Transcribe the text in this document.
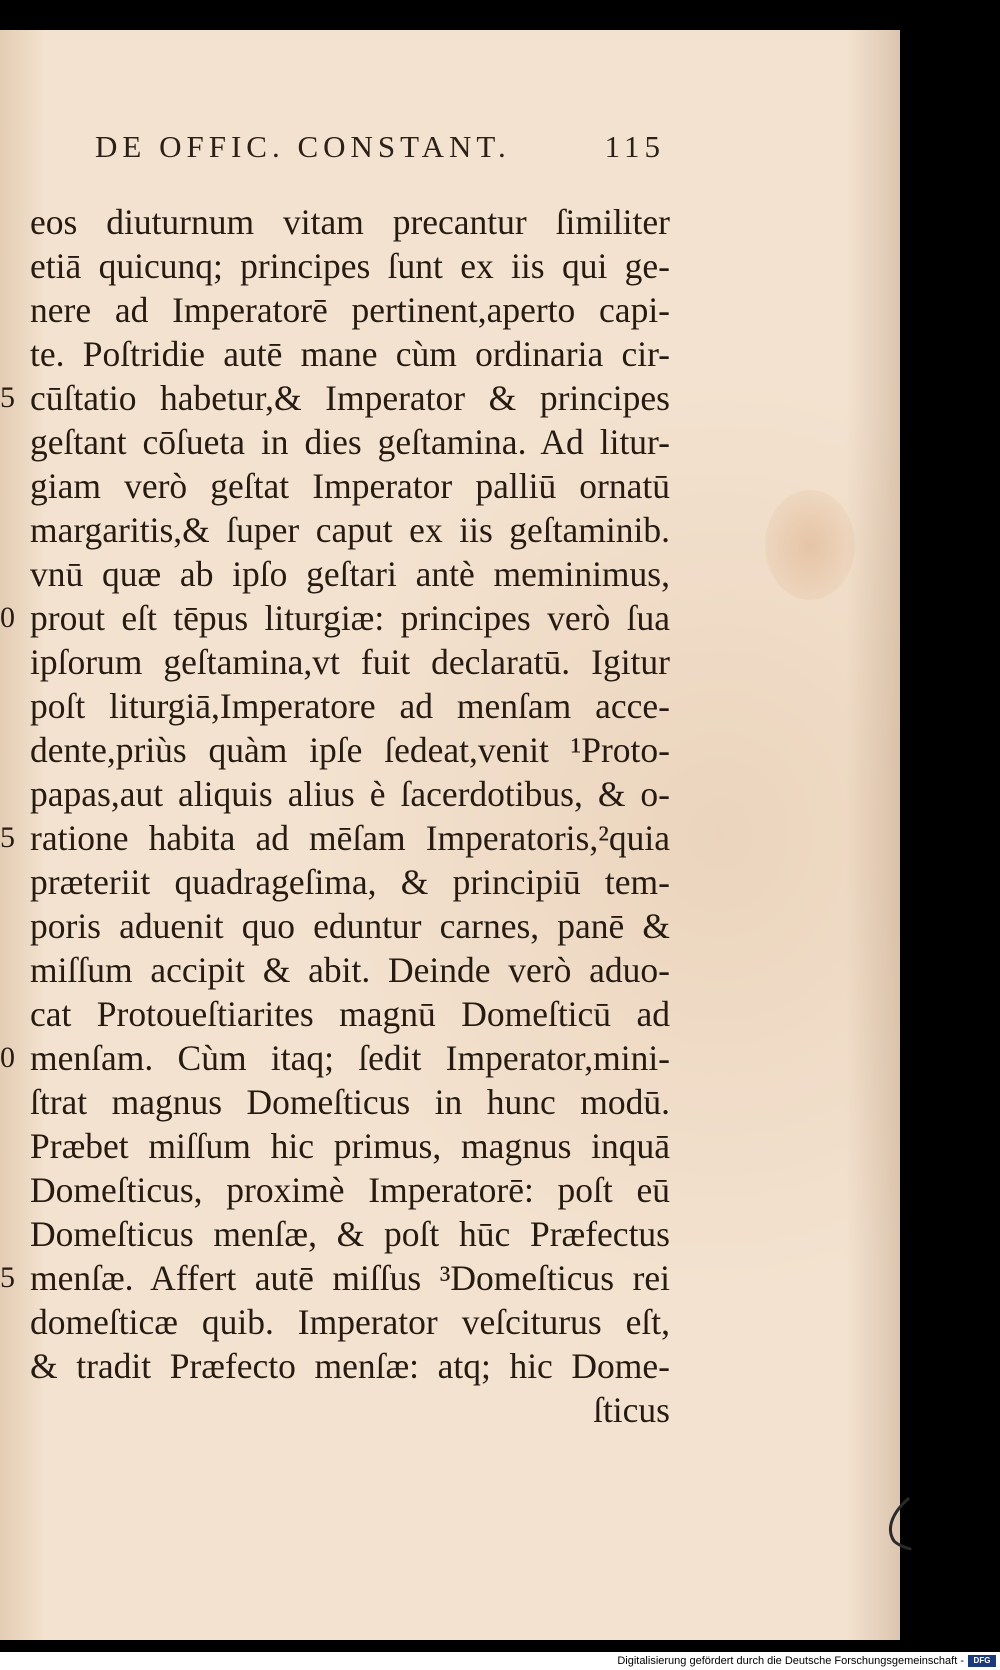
DE OFFIC. CONSTANT.	115
eos diuturnum vitam precantur ſimiliter
etiā quicunq; principes ſunt ex iis qui ge-
nere ad Imperatorē pertinent,aperto capi-
te. Poſtridie autē mane cùm ordinaria cir-
cūſtatio habetur,& Imperator & principes
geſtant cōſueta in dies geſtamina. Ad litur-
giam verò geſtat Imperator palliū ornatū
margaritis,& ſuper caput ex iis geſtaminib.
vnū quæ ab ipſo geſtari antè meminimus,
prout eſt tēpus liturgiæ: principes verò ſua
ipſorum geſtamina,vt fuit declaratū. Igitur
poſt liturgiā,Imperatore ad menſam acce-
dente,priùs quàm ipſe ſedeat,venit ¹Proto-
papas,aut aliquis alius è ſacerdotibus, & o-
ratione habita ad mēſam Imperatoris,²quia
præteriit quadrageſima, & principiū tem-
poris aduenit quo eduntur carnes, panē &
miſſum accipit & abit. Deinde verò aduo-
cat Protoueſtiarites magnū Domeſticū ad
menſam. Cùm itaq; ſedit Imperator,mini-
ſtrat magnus Domeſticus in hunc modū.
Præbet miſſum hic primus, magnus inquā
Domeſticus, proximè Imperatorē: poſt eū
Domeſticus menſæ, & poſt hūc Præfectus
menſæ. Affert autē miſſus ³Domeſticus rei
domeſticæ quib. Imperator veſciturus eſt,
& tradit Præfecto menſæ: atq; hic Dome-
ſticus
5
0
5
0
5
Digitalisierung gefördert durch die Deutsche Forschungsgemeinschaft -	DFG
